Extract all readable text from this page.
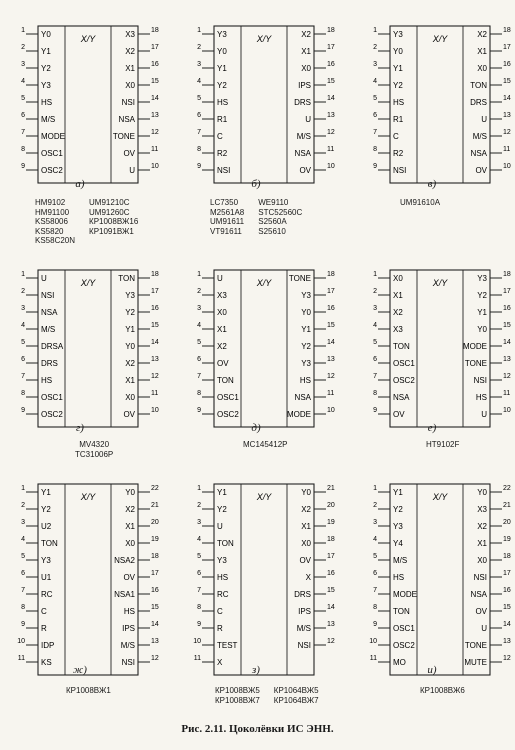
X/Y
1 Y0
2 Y1
3 Y2
4 Y3
5 HS
6 M/S
7 MODE
8 OSC1
9 OSC2
18
X3
17
X2
16
X1
15
X0
14
NSI
13
NSA
12
TONE
11
OV
10
U
X/Y
1 Y3
2 Y0
3 Y1
4 Y2
5 HS
6 R1
7 C
8 R2
9 NSI
18
X2
17
X1
16
X0
15
IPS
14
DRS
13
U
12
M/S
11
NSA
10
OV
X/Y
1 Y3
2 Y0
3 Y1
4 Y2
5 HS
6 R1
7 C
8 R2
9 NSI
18
X2
17
X1
16
X0
15
TON
14
DRS
13
U
12
M/S
11
NSA
10
OV
X/Y
1 U
2 NSI
3 NSA
4 M/S
5 DRSA
6 DRS
7 HS
8 OSC1
9 OSC2
18
TON
17
Y3
16
Y2
15
Y1
14
Y0
13
X2
12
X1
11
X0
10
OV
X/Y
1 U
2 X3
3 X0
4 X1
5 X2
6 OV
7 TON
8 OSC1
9 OSC2
18
TONE
17
Y3
16
Y0
15
Y1
14
Y2
13
Y3
12
HS
11
NSA
10
MODE
X/Y
1 X0
2 X1
3 X2
4 X3
5 TON
6 OSC1
7 OSC2
8 NSA
9 OV
18
Y3
17
Y2
16
Y1
15
Y0
14
MODE
13
TONE
12
NSI
11
HS
10
U
X/Y
1 Y1
2 Y2
3 U2
4 TON
5 Y3
6 U1
7 RC
8 C
9 R
10 IDP
11 KS
22
Y0
21
X2
20
X1
19
X0
18
NSA2
17
OV
16
NSA1
15
HS
14
IPS
13
M/S
12
NSI
X/Y
1 Y1
2 Y2
3 U
4 TON
5 Y3
6 HS
7 RC
8 C
9 R
10 TEST
11 X
21
Y0
20
X2
19
X1
18
X0
17
OV
16
X
15
DRS
14
IPS
13
M/S
12
NSI
X/Y
1 Y1
2 Y2
3 Y3
4 Y4
5 M/S
6 HS
7 MODE
8 TON
9 OSC1
10 OSC2
11 MO
22
Y0
21
X3
20
X2
19
X1
18
X0
17
NSI
16
NSA
15
OV
14
U
13
TONE
12
MUTE
а)	б)	в)
г)	д)	е)
ж)	з)	и)
HM9102	UM91210C
HM91100	UM91260C
KS58006	КР1008ВЖ16
KS5820	КР1091ВЖ1
KS58C20N
LC7350	WE9110
M2561A8 STC52560C
UM91611 S2560A
VT91611 S25610
UM91610A
MV4320
TC31006P
MC145412P	HT9102F
КР1008ВЖ1	КР1008ВЖ5 КР1064ВЖ5
КР1008ВЖ7 КР1064ВЖ7
КР1008ВЖ6
Рис. 2.11. Цоколёвки ИС ЭНН.
